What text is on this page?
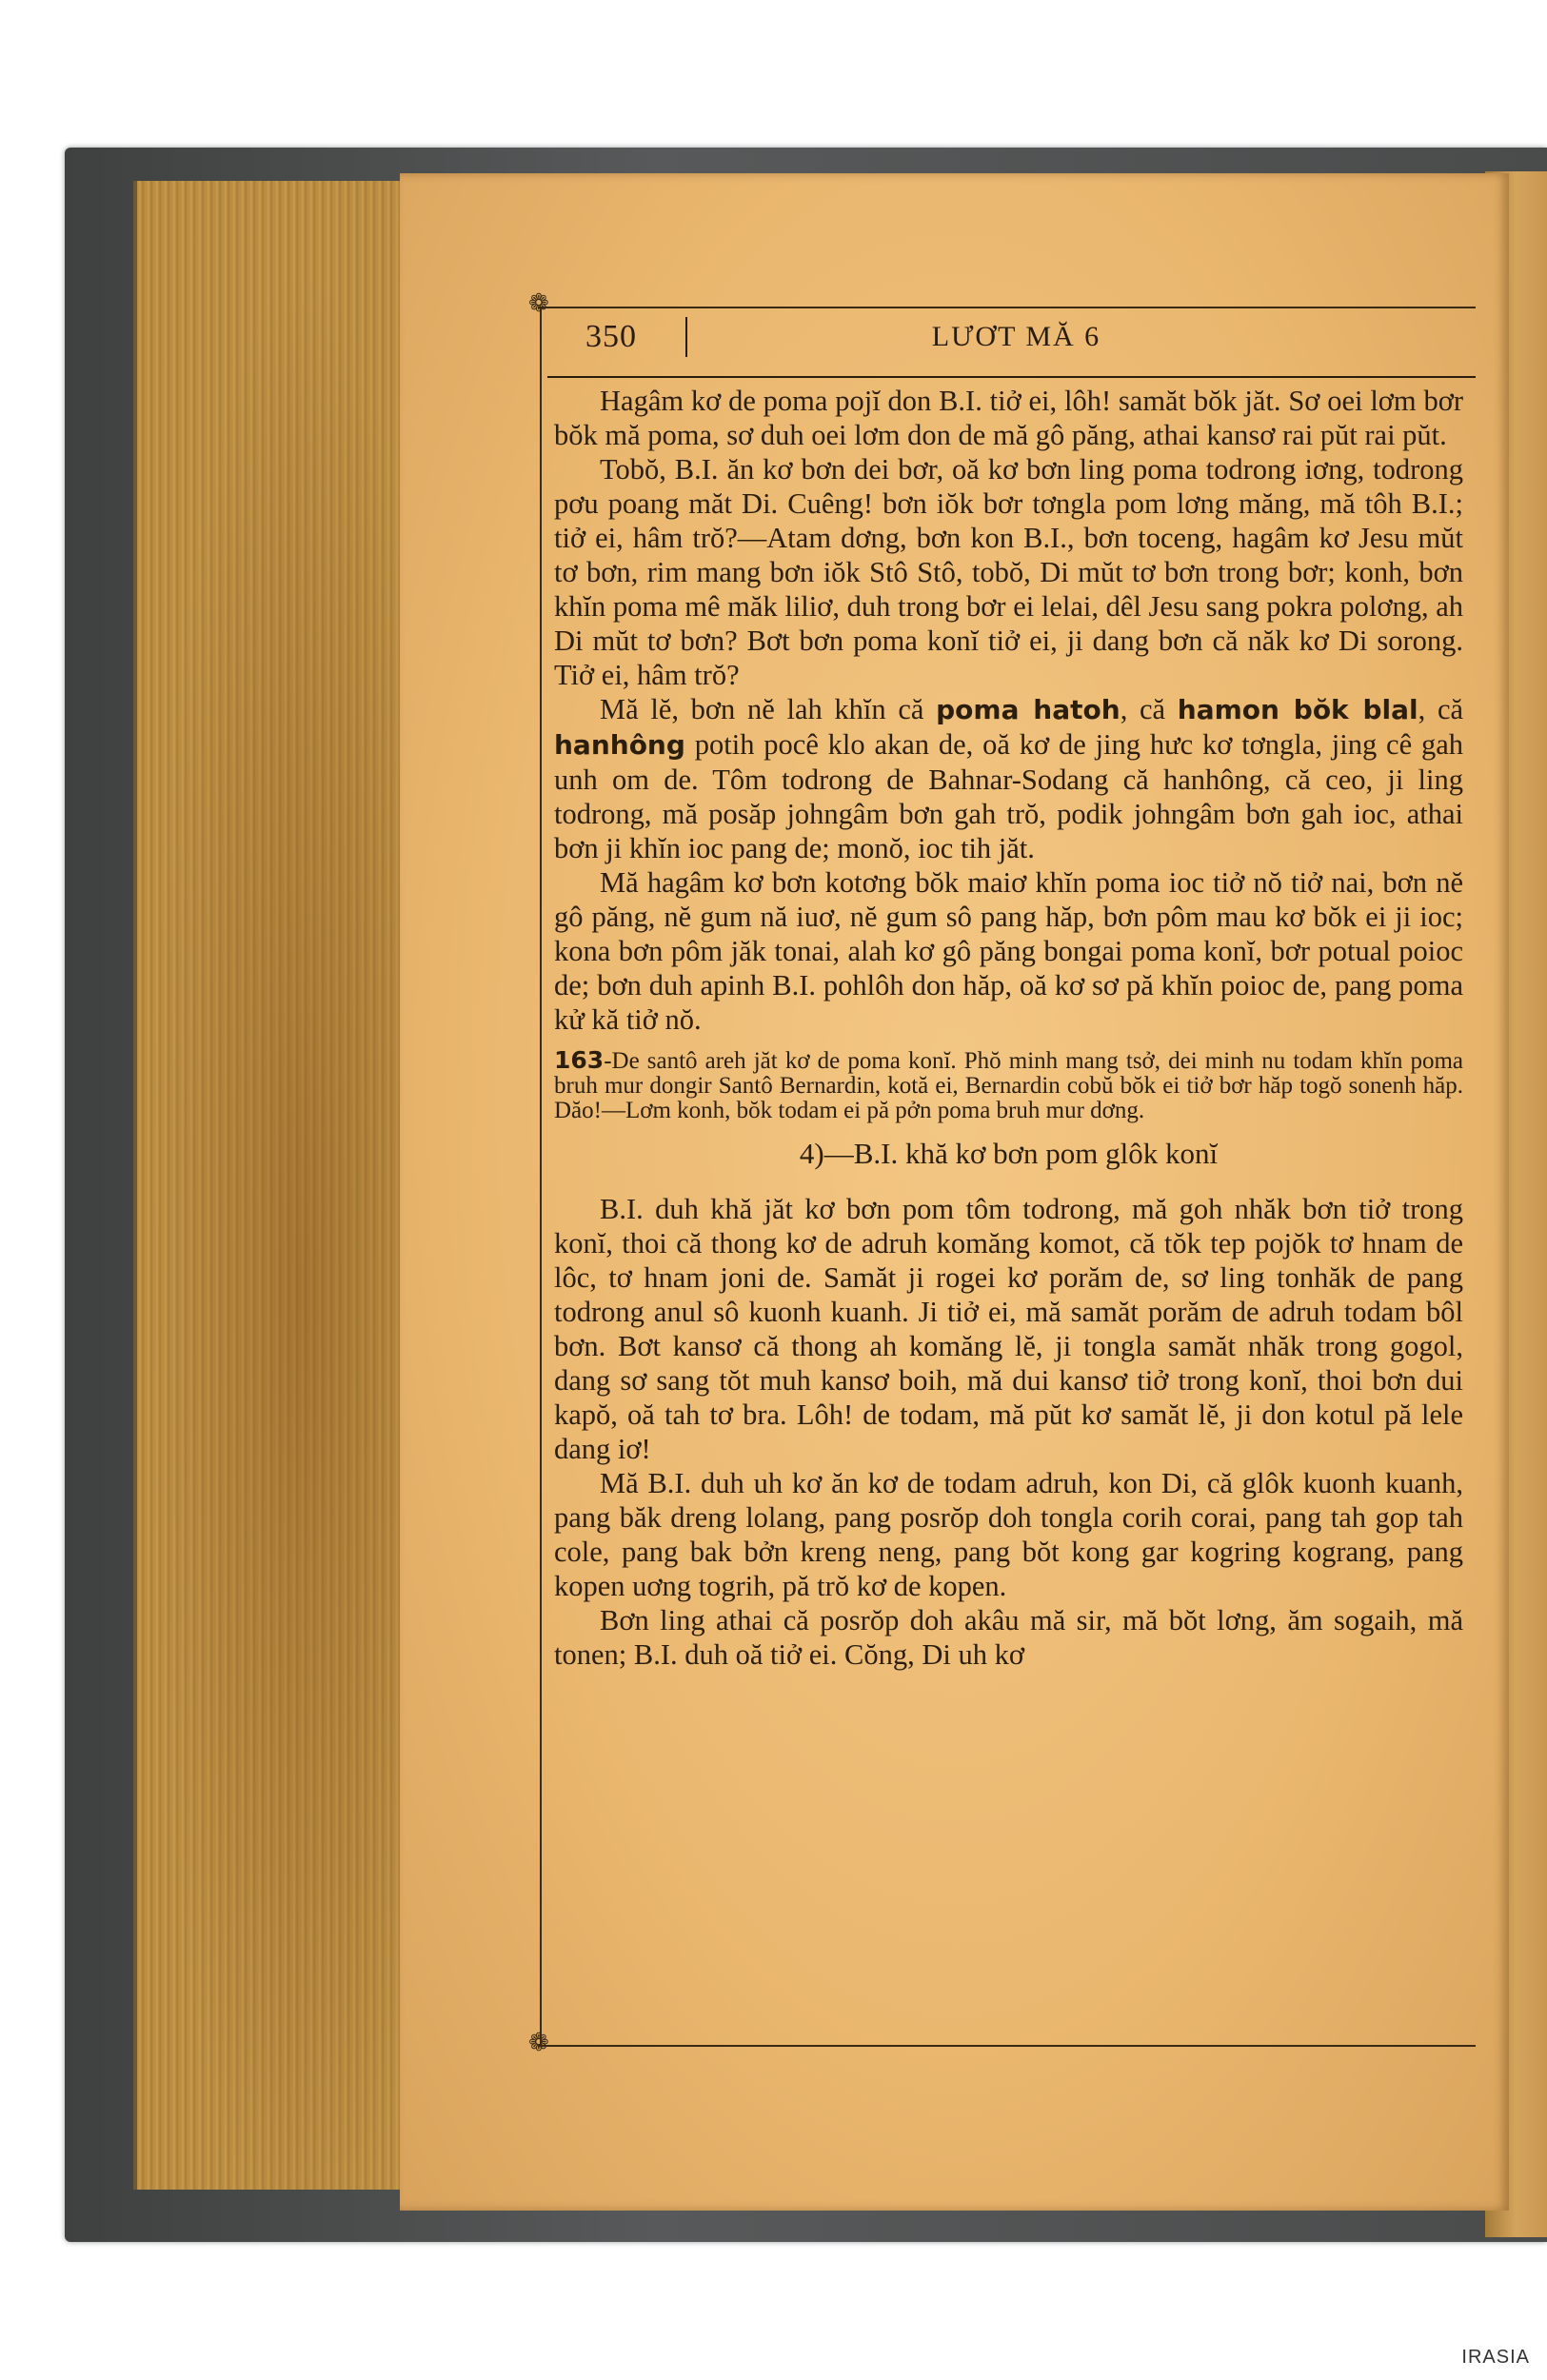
❁
❁
350	LƯƠT MĂ 6

Hagâm kơ de poma pojĭ don B.I. tiở ei, lôh! samăt bŏk jăt. Sơ oei lơm bơr bŏk mă poma, sơ duh oei lơm don de mă gô păng, athai kansơ rai pŭt rai pŭt.

Tobŏ, B.I. ăn kơ bơn dei bơr, oă kơ bơn ling poma todrong iơng, todrong pơu poang măt Di. Cuêng! bơn iŏk bơr tơngla pom lơng măng, mă tôh B.I.; tiở ei, hâm trŏ?—Atam dơng, bơn kon B.I., bơn toceng, hagâm kơ Jesu mŭt tơ bơn, rim mang bơn iŏk Stô Stô, tobŏ, Di mŭt tơ bơn trong bơr; konh, bơn khĭn poma mê măk liliơ, duh trong bơr ei lelai, dêl Jesu sang pokra polơng, ah Di mŭt tơ bơn? Bơt bơn poma konĭ tiở ei, ji dang bơn că năk kơ Di sorong. Tiở ei, hâm trŏ?

Mă lĕ, bơn nĕ lah khĭn că poma hatoh, că hamon bŏk blal, că hanhông potih pocê klo akan de, oă kơ de jing hưc kơ tơngla, jing cê gah unh om de. Tôm todrong de Bahnar-Sodang că hanhông, că ceo, ji ling todrong, mă posăp johngâm bơn gah trŏ, podik johngâm bơn gah ioc, athai bơn ji khĭn ioc pang de; monŏ, ioc tih jăt.

Mă hagâm kơ bơn kotơng bŏk maiơ khĭn poma ioc tiở nŏ tiở nai, bơn nĕ gô păng, nĕ gum nă iuơ, nĕ gum sô pang hăp, bơn pôm mau kơ bŏk ei ji ioc; kona bơn pôm jăk tonai, alah kơ gô păng bongai poma konĭ, bơr potual poioc de; bơn duh apinh B.I. pohlôh don hăp, oă kơ sơ pă khĭn poioc de, pang poma kử kă tiở nŏ.

163-De santô areh jăt kơ de poma konĭ. Phŏ minh mang tsở, dei minh nu todam khĭn poma bruh mur dongir Santô Bernardin, kotă ei, Bernardin cobŭ bŏk ei tiở bơr hăp togŏ sonenh hăp. Dăo!—Lơm konh, bŏk todam ei pă pởn poma bruh mur dơng.

4)—B.I. khă kơ bơn pom glôk konĭ

B.I. duh khă jăt kơ bơn pom tôm todrong, mă goh nhăk bơn tiở trong konĭ, thoi că thong kơ de adruh komăng komot, că tŏk tep pojŏk tơ hnam de lôc, tơ hnam joni de. Samăt ji rogei kơ porăm de, sơ ling tonhăk de pang todrong anul sô kuonh kuanh. Ji tiở ei, mă samăt porăm de adruh todam bôl bơn. Bơt kansơ că thong ah komăng lĕ, ji tongla samăt nhăk trong gogol, dang sơ sang tŏt muh kansơ boih, mă dui kansơ tiở trong konĭ, thoi bơn dui kapŏ, oă tah tơ bra. Lôh! de todam, mă pŭt kơ samăt lĕ, ji don kotul pă lele dang iơ!

Mă B.I. duh uh kơ ăn kơ de todam adruh, kon Di, că glôk kuonh kuanh, pang băk dreng lolang, pang posrŏp doh tongla corih corai, pang tah gop tah cole, pang bak bởn kreng neng, pang bŏt kong gar kogring kograng, pang kopen uơng togrih, pă trŏ kơ de kopen.

Bơn ling athai că posrŏp doh akâu mă sir, mă bŏt lơng, ăm sogaih, mă tonen; B.I. duh oă tiở ei. Cŏng, Di uh kơ

IRASIA
